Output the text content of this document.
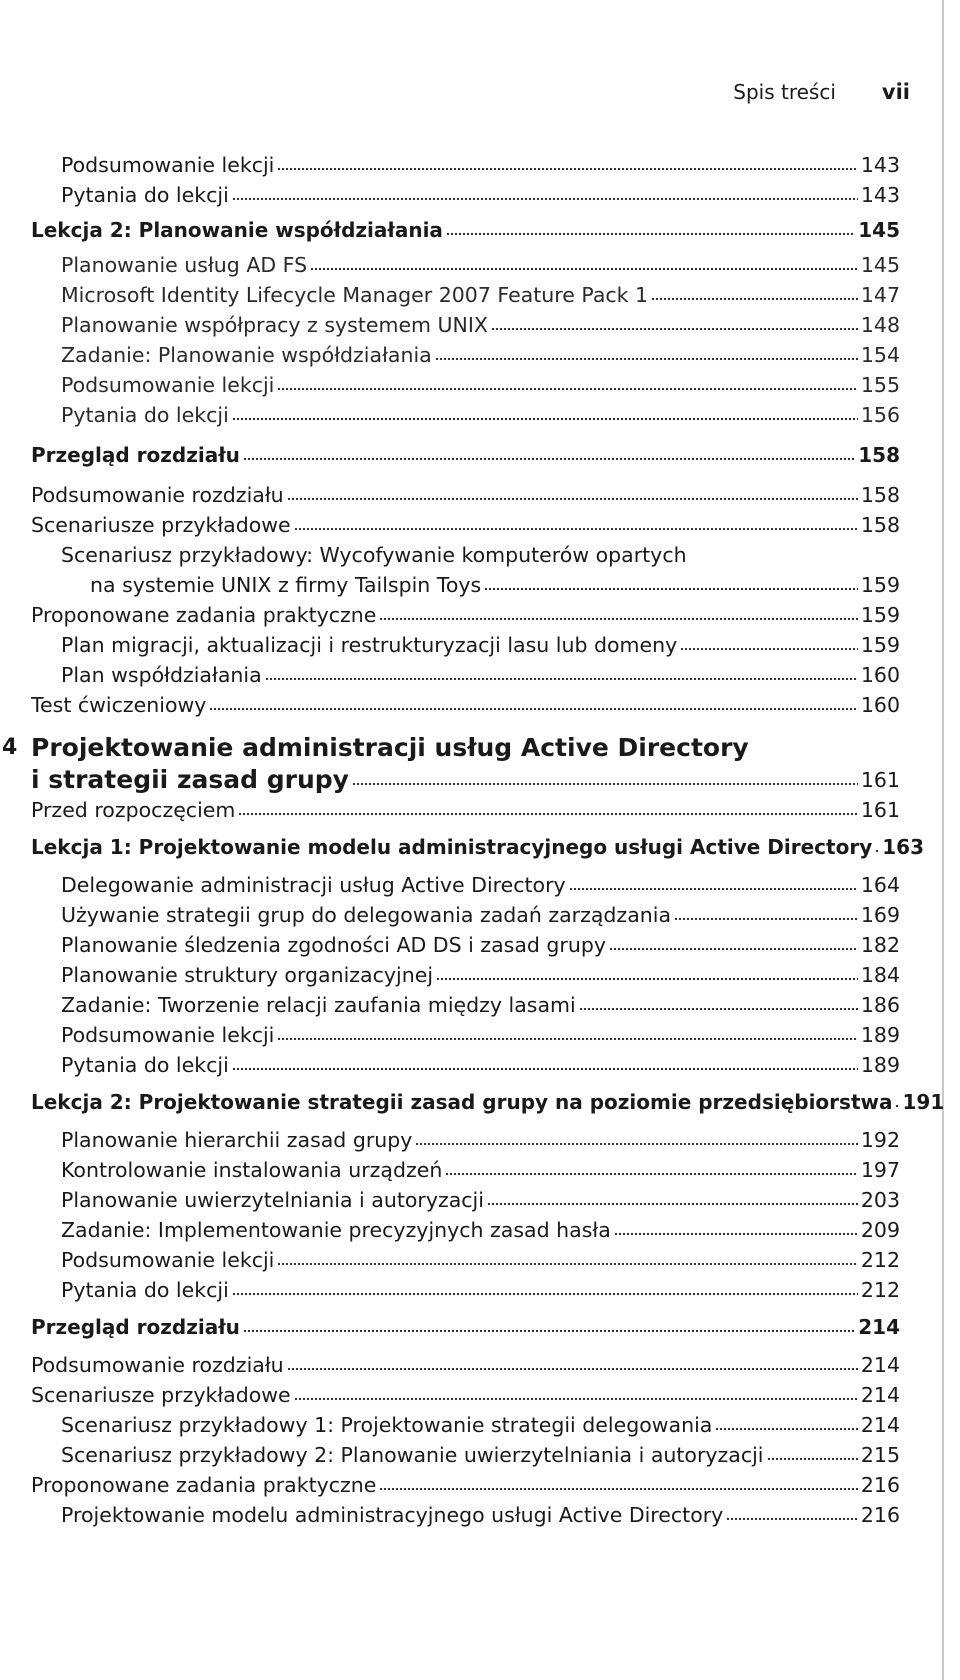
Spis treści vii
Podsumowanie lekcji	143
Pytania do lekcji	143
Lekcja 2: Planowanie współdziałania	145
Planowanie usług AD FS	145
Microsoft Identity Lifecycle Manager 2007 Feature Pack 1	147
Planowanie współpracy z systemem UNIX	148
Zadanie: Planowanie współdziałania	154
Podsumowanie lekcji	155
Pytania do lekcji	156
Przegląd rozdziału	158
Podsumowanie rozdziału	158
Scenariusze przykładowe	158
Scenariusz przykładowy: Wycofywanie komputerów opartych
na systemie UNIX z firmy Tailspin Toys	159
Proponowane zadania praktyczne	159
Plan migracji, aktualizacji i restrukturyzacji lasu lub domeny	159
Plan współdziałania	160
Test ćwiczeniowy	160
4 Projektowanie administracji usług Active Directory
i strategii zasad grupy	161
Przed rozpoczęciem	161
Lekcja 1: Projektowanie modelu administracyjnego usługi Active Directory 163
Delegowanie administracji usług Active Directory	164
Używanie strategii grup do delegowania zadań zarządzania	169
Planowanie śledzenia zgodności AD DS i zasad grupy	182
Planowanie struktury organizacyjnej	184
Zadanie: Tworzenie relacji zaufania między lasami	186
Podsumowanie lekcji	189
Pytania do lekcji	189
Lekcja 2: Projektowanie strategii zasad grupy na poziomie przedsiębiorstwa 191
Planowanie hierarchii zasad grupy	192
Kontrolowanie instalowania urządzeń	197
Planowanie uwierzytelniania i autoryzacji	203
Zadanie: Implementowanie precyzyjnych zasad hasła	209
Podsumowanie lekcji	212
Pytania do lekcji	212
Przegląd rozdziału	214
Podsumowanie rozdziału	214
Scenariusze przykładowe	214
Scenariusz przykładowy 1: Projektowanie strategii delegowania	214
Scenariusz przykładowy 2: Planowanie uwierzytelniania i autoryzacji	215
Proponowane zadania praktyczne	216
Projektowanie modelu administracyjnego usługi Active Directory	216
